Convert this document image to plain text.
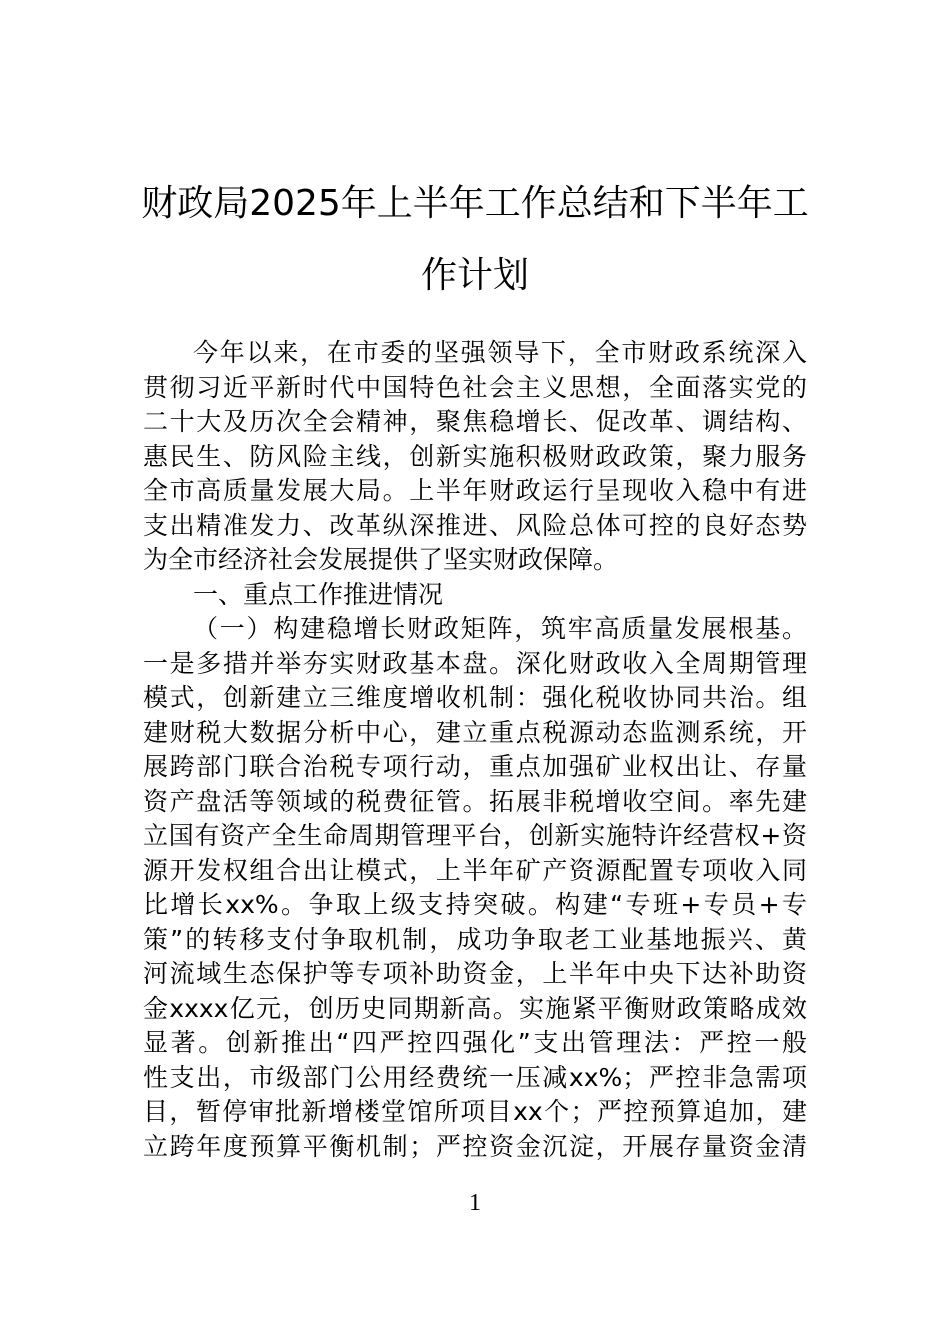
财政局2025年上半年工作总结和下半年工
作计划
今年以来，在市委的坚强领导下，全市财政系统深入
贯彻习近平新时代中国特色社会主义思想，全面落实党的
二十大及历次全会精神，聚焦稳增长、促改革、调结构、
惠民生、防风险主线，创新实施积极财政政策，聚力服务
全市高质量发展大局。上半年财政运行呈现收入稳中有进
支出精准发力、改革纵深推进、风险总体可控的良好态势
为全市经济社会发展提供了坚实财政保障。
一、重点工作推进情况
（一）构建稳增长财政矩阵，筑牢高质量发展根基。
一是多措并举夯实财政基本盘。深化财政收入全周期管理
模式，创新建立三维度增收机制：强化税收协同共治。组
建财税大数据分析中心，建立重点税源动态监测系统，开
展跨部门联合治税专项行动，重点加强矿业权出让、存量
资产盘活等领域的税费征管。拓展非税增收空间。率先建
立国有资产全生命周期管理平台，创新实施特许经营权+资
源开发权组合出让模式，上半年矿产资源配置专项收入同
比增长xx%。争取上级支持突破。构建“专班+专员+专
策”的转移支付争取机制，成功争取老工业基地振兴、黄
河流域生态保护等专项补助资金，上半年中央下达补助资
金xxxx亿元，创历史同期新高。实施紧平衡财政策略成效
显著。创新推出“四严控四强化”支出管理法：严控一般
性支出，市级部门公用经费统一压减xx%；严控非急需项
目，暂停审批新增楼堂馆所项目xx个；严控预算追加，建
立跨年度预算平衡机制；严控资金沉淀，开展存量资金清
1
